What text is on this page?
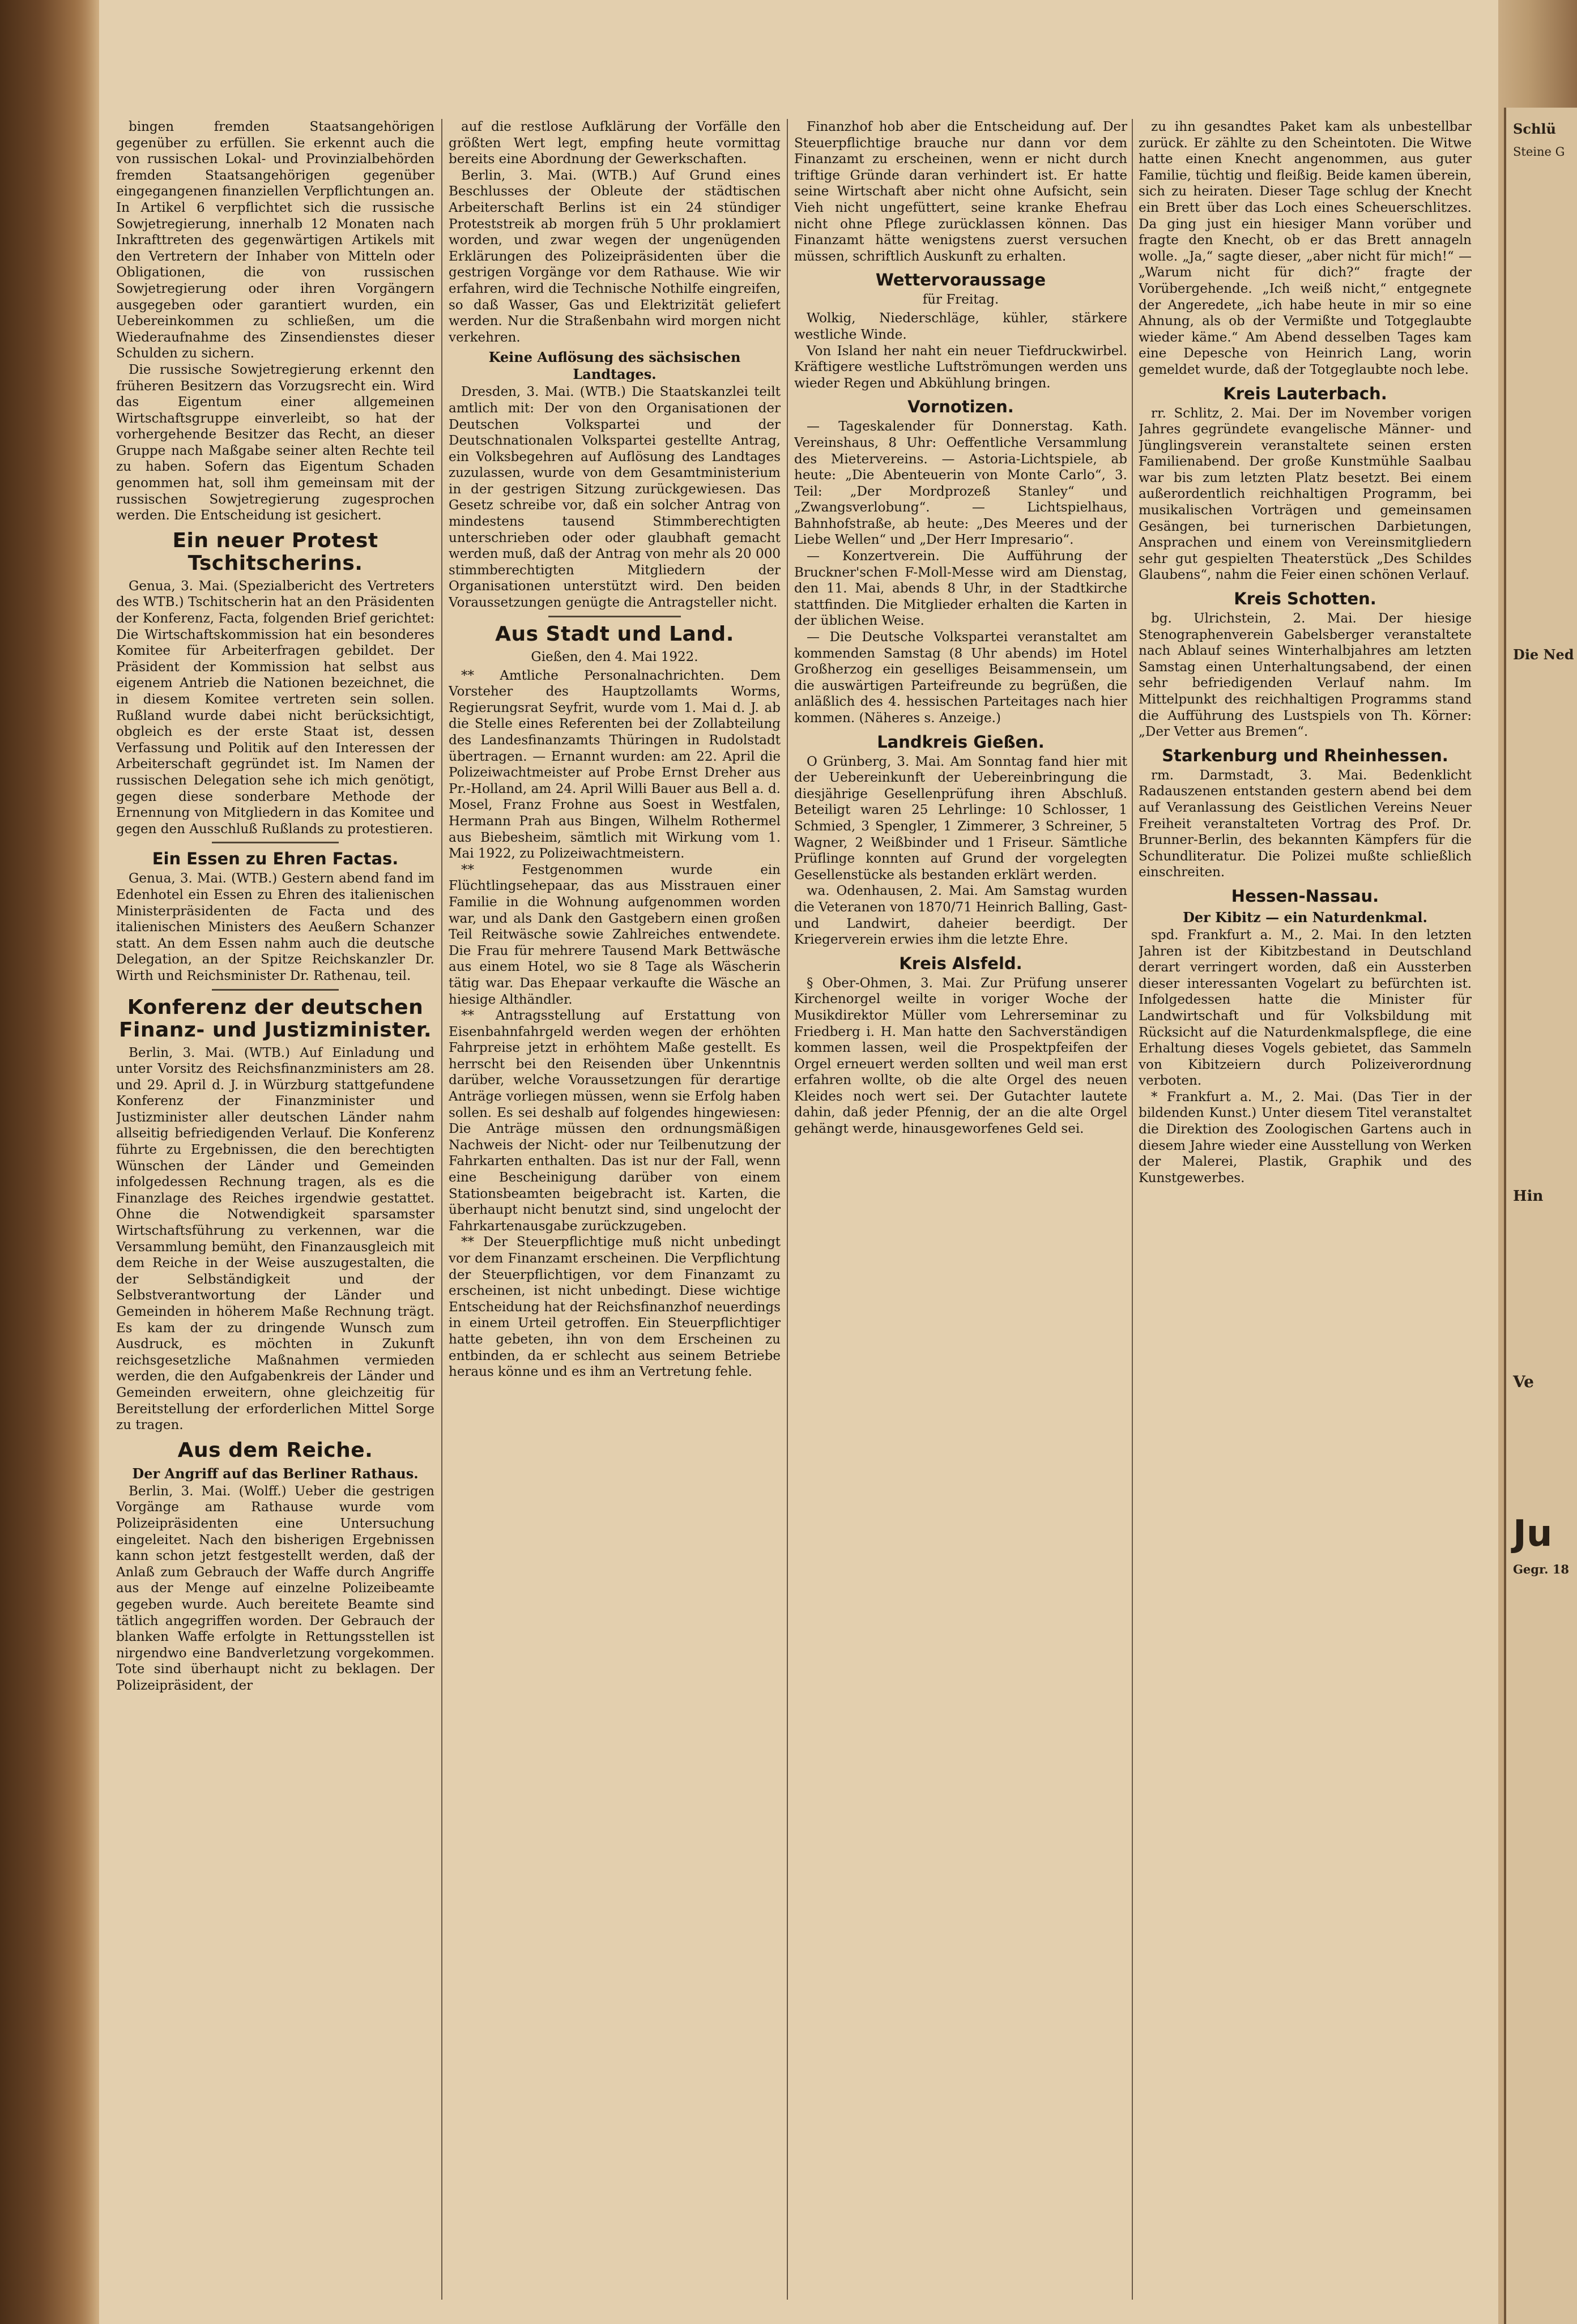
bingen fremden Staatsangehörigen gegenüber zu erfüllen. Sie erkennt auch die von russischen Lokal- und Provinzialbehörden fremden Staatsangehörigen gegenüber eingegangenen finanziellen Verpflichtungen an. In Artikel 6 verpflichtet sich die russische Sowjetregierung, innerhalb 12 Monaten nach Inkrafttreten des gegenwärtigen Artikels mit den Vertretern der Inhaber von Mitteln oder Obligationen, die von russischen Sowjetregierung oder ihren Vorgängern ausgegeben oder garantiert wurden, ein Uebereinkommen zu schließen, um die Wiederaufnahme des Zinsendienstes dieser Schulden zu sichern.

Die russische Sowjetregierung erkennt den früheren Besitzern das Vorzugsrecht ein. Wird das Eigentum einer allgemeinen Wirtschaftsgruppe einverleibt, so hat der vorhergehende Besitzer das Recht, an dieser Gruppe nach Maßgabe seiner alten Rechte teil zu haben. Sofern das Eigentum Schaden genommen hat, soll ihm gemeinsam mit der russischen Sowjetregierung zugesprochen werden. Die Entscheidung ist gesichert.

Ein neuer Protest Tschitscherins.

Genua, 3. Mai. (Spezialbericht des Vertreters des WTB.) Tschitscherin hat an den Präsidenten der Konferenz, Facta, folgenden Brief gerichtet: Die Wirtschaftskommission hat ein besonderes Komitee für Arbeiterfragen gebildet. Der Präsident der Kommission hat selbst aus eigenem Antrieb die Nationen bezeichnet, die in diesem Komitee vertreten sein sollen. Rußland wurde dabei nicht berücksichtigt, obgleich es der erste Staat ist, dessen Verfassung und Politik auf den Interessen der Arbeiterschaft gegründet ist. Im Namen der russischen Delegation sehe ich mich genötigt, gegen diese sonderbare Methode der Ernennung von Mitgliedern in das Komitee und gegen den Ausschluß Rußlands zu protestieren.

Ein Essen zu Ehren Factas.

Genua, 3. Mai. (WTB.) Gestern abend fand im Edenhotel ein Essen zu Ehren des italienischen Ministerpräsidenten de Facta und des italienischen Ministers des Aeußern Schanzer statt. An dem Essen nahm auch die deutsche Delegation, an der Spitze Reichskanzler Dr. Wirth und Reichsminister Dr. Rathenau, teil.

Konferenz der deutschen Finanz- und Justizminister.

Berlin, 3. Mai. (WTB.) Auf Einladung und unter Vorsitz des Reichsfinanzministers am 28. und 29. April d. J. in Würzburg stattgefundene Konferenz der Finanzminister und Justizminister aller deutschen Länder nahm allseitig befriedigenden Verlauf. Die Konferenz führte zu Ergebnissen, die den berechtigten Wünschen der Länder und Gemeinden infolgedessen Rechnung tragen, als es die Finanzlage des Reiches irgendwie gestattet. Ohne die Notwendigkeit sparsamster Wirtschaftsführung zu verkennen, war die Versammlung bemüht, den Finanzausgleich mit dem Reiche in der Weise auszugestalten, die der Selbständigkeit und der Selbstverantwortung der Länder und Gemeinden in höherem Maße Rechnung trägt. Es kam der zu dringende Wunsch zum Ausdruck, es möchten in Zukunft reichsgesetzliche Maßnahmen vermieden werden, die den Aufgabenkreis der Länder und Gemeinden erweitern, ohne gleichzeitig für Bereitstellung der erforderlichen Mittel Sorge zu tragen.

Aus dem Reiche.
Der Angriff auf das Berliner Rathaus.

Berlin, 3. Mai. (Wolff.) Ueber die gestrigen Vorgänge am Rathause wurde vom Polizeipräsidenten eine Untersuchung eingeleitet. Nach den bisherigen Ergebnissen kann schon jetzt festgestellt werden, daß der Anlaß zum Gebrauch der Waffe durch Angriffe aus der Menge auf einzelne Polizeibeamte gegeben wurde. Auch bereitete Beamte sind tätlich angegriffen worden. Der Gebrauch der blanken Waffe erfolgte in Rettungsstellen ist nirgendwo eine Bandverletzung vorgekommen. Tote sind überhaupt nicht zu beklagen. Der Polizeipräsident, der

auf die restlose Aufklärung der Vorfälle den größten Wert legt, empfing heute vormittag bereits eine Abordnung der Gewerkschaften.

Berlin, 3. Mai. (WTB.) Auf Grund eines Beschlusses der Obleute der städtischen Arbeiterschaft Berlins ist ein 24 stündiger Proteststreik ab morgen früh 5 Uhr proklamiert worden, und zwar wegen der ungenügenden Erklärungen des Polizeipräsidenten über die gestrigen Vorgänge vor dem Rathause. Wie wir erfahren, wird die Technische Nothilfe eingreifen, so daß Wasser, Gas und Elektrizität geliefert werden. Nur die Straßenbahn wird morgen nicht verkehren.

Keine Auflösung des sächsischen Landtages.

Dresden, 3. Mai. (WTB.) Die Staatskanzlei teilt amtlich mit: Der von den Organisationen der Deutschen Volkspartei und der Deutschnationalen Volkspartei gestellte Antrag, ein Volksbegehren auf Auflösung des Landtages zuzulassen, wurde von dem Gesamtministerium in der gestrigen Sitzung zurückgewiesen. Das Gesetz schreibe vor, daß ein solcher Antrag von mindestens tausend Stimmberechtigten unterschrieben oder oder glaubhaft gemacht werden muß, daß der Antrag von mehr als 20 000 stimmberechtigten Mitgliedern der Organisationen unterstützt wird. Den beiden Voraussetzungen genügte die Antragsteller nicht.

Aus Stadt und Land.
Gießen, den 4. Mai 1922.

** Amtliche Personalnachrichten. Dem Vorsteher des Hauptzollamts Worms, Regierungsrat Seyfrit, wurde vom 1. Mai d. J. ab die Stelle eines Referenten bei der Zollabteilung des Landesfinanzamts Thüringen in Rudolstadt übertragen. — Ernannt wurden: am 22. April die Polizeiwachtmeister auf Probe Ernst Dreher aus Pr.-Holland, am 24. April Willi Bauer aus Bell a. d. Mosel, Franz Frohne aus Soest in Westfalen, Hermann Prah aus Bingen, Wilhelm Rothermel aus Biebesheim, sämtlich mit Wirkung vom 1. Mai 1922, zu Polizeiwachtmeistern.

** Festgenommen wurde ein Flüchtlingsehepaar, das aus Misstrauen einer Familie in die Wohnung aufgenommen worden war, und als Dank den Gastgebern einen großen Teil Reitwäsche sowie Zahlreiches entwendete. Die Frau für mehrere Tausend Mark Bettwäsche aus einem Hotel, wo sie 8 Tage als Wäscherin tätig war. Das Ehepaar verkaufte die Wäsche an hiesige Althändler.

** Antragsstellung auf Erstattung von Eisenbahnfahrgeld werden wegen der erhöhten Fahrpreise jetzt in erhöhtem Maße gestellt. Es herrscht bei den Reisenden über Unkenntnis darüber, welche Voraussetzungen für derartige Anträge vorliegen müssen, wenn sie Erfolg haben sollen. Es sei deshalb auf folgendes hingewiesen: Die Anträge müssen den ordnungsmäßigen Nachweis der Nicht- oder nur Teilbenutzung der Fahrkarten enthalten. Das ist nur der Fall, wenn eine Bescheinigung darüber von einem Stationsbeamten beigebracht ist. Karten, die überhaupt nicht benutzt sind, sind ungelocht der Fahrkartenausgabe zurückzugeben.

** Der Steuerpflichtige muß nicht unbedingt vor dem Finanzamt erscheinen. Die Verpflichtung der Steuerpflichtigen, vor dem Finanzamt zu erscheinen, ist nicht unbedingt. Diese wichtige Entscheidung hat der Reichsfinanzhof neuerdings in einem Urteil getroffen. Ein Steuerpflichtiger hatte gebeten, ihn von dem Erscheinen zu entbinden, da er schlecht aus seinem Betriebe heraus könne und es ihm an Vertretung fehle.

Finanzhof hob aber die Entscheidung auf. Der Steuerpflichtige brauche nur dann vor dem Finanzamt zu erscheinen, wenn er nicht durch triftige Gründe daran verhindert ist. Er hatte seine Wirtschaft aber nicht ohne Aufsicht, sein Vieh nicht ungefüttert, seine kranke Ehefrau nicht ohne Pflege zurücklassen können. Das Finanzamt hätte wenigstens zuerst versuchen müssen, schriftlich Auskunft zu erhalten.

Wettervoraussage
für Freitag.

Wolkig, Niederschläge, kühler, stärkere westliche Winde.

Von Island her naht ein neuer Tiefdruckwirbel. Kräftigere westliche Luftströmungen werden uns wieder Regen und Abkühlung bringen.

Vornotizen.

— Tageskalender für Donnerstag. Kath. Vereinshaus, 8 Uhr: Oeffentliche Versammlung des Mietervereins. — Astoria-Lichtspiele, ab heute: „Die Abenteuerin von Monte Carlo“, 3. Teil: „Der Mordprozeß Stanley“ und „Zwangsverlobung“. — Lichtspielhaus, Bahnhofstraße, ab heute: „Des Meeres und der Liebe Wellen“ und „Der Herr Impresario“.

— Konzertverein. Die Aufführung der Bruckner'schen F-Moll-Messe wird am Dienstag, den 11. Mai, abends 8 Uhr, in der Stadtkirche stattfinden. Die Mitglieder erhalten die Karten in der üblichen Weise.

— Die Deutsche Volkspartei veranstaltet am kommenden Samstag (8 Uhr abends) im Hotel Großherzog ein geselliges Beisammensein, um die auswärtigen Parteifreunde zu begrüßen, die anläßlich des 4. hessischen Parteitages nach hier kommen. (Näheres s. Anzeige.)

Landkreis Gießen.

O Grünberg, 3. Mai. Am Sonntag fand hier mit der Uebereinkunft der Uebereinbringung die diesjährige Gesellenprüfung ihren Abschluß. Beteiligt waren 25 Lehrlinge: 10 Schlosser, 1 Schmied, 3 Spengler, 1 Zimmerer, 3 Schreiner, 5 Wagner, 2 Weißbinder und 1 Friseur. Sämtliche Prüflinge konnten auf Grund der vorgelegten Gesellenstücke als bestanden erklärt werden.

wa. Odenhausen, 2. Mai. Am Samstag wurden die Veteranen von 1870/71 Heinrich Balling, Gast- und Landwirt, daheier beerdigt. Der Kriegerverein erwies ihm die letzte Ehre.

Kreis Alsfeld.

§ Ober-Ohmen, 3. Mai. Zur Prüfung unserer Kirchenorgel weilte in voriger Woche der Musikdirektor Müller vom Lehrerseminar zu Friedberg i. H. Man hatte den Sachverständigen kommen lassen, weil die Prospektpfeifen der Orgel erneuert werden sollten und weil man erst erfahren wollte, ob die alte Orgel des neuen Kleides noch wert sei. Der Gutachter lautete dahin, daß jeder Pfennig, der an die alte Orgel gehängt werde, hinausgeworfenes Geld sei.

zu ihn gesandtes Paket kam als unbestellbar zurück. Er zählte zu den Scheintoten. Die Witwe hatte einen Knecht angenommen, aus guter Familie, tüchtig und fleißig. Beide kamen überein, sich zu heiraten. Dieser Tage schlug der Knecht ein Brett über das Loch eines Scheuerschlitzes. Da ging just ein hiesiger Mann vorüber und fragte den Knecht, ob er das Brett annageln wolle. „Ja,“ sagte dieser, „aber nicht für mich!“ — „Warum nicht für dich?“ fragte der Vorübergehende. „Ich weiß nicht,“ entgegnete der Angeredete, „ich habe heute in mir so eine Ahnung, als ob der Vermißte und Totgeglaubte wieder käme.“ Am Abend desselben Tages kam eine Depesche von Heinrich Lang, worin gemeldet wurde, daß der Totgeglaubte noch lebe.

Kreis Lauterbach.

rr. Schlitz, 2. Mai. Der im November vorigen Jahres gegründete evangelische Männer- und Jünglingsverein veranstaltete seinen ersten Familienabend. Der große Kunstmühle Saalbau war bis zum letzten Platz besetzt. Bei einem außerordentlich reichhaltigen Programm, bei musikalischen Vorträgen und gemeinsamen Gesängen, bei turnerischen Darbietungen, Ansprachen und einem von Vereinsmitgliedern sehr gut gespielten Theaterstück „Des Schildes Glaubens“, nahm die Feier einen schönen Verlauf.

Kreis Schotten.

bg. Ulrichstein, 2. Mai. Der hiesige Stenographenverein Gabelsberger veranstaltete nach Ablauf seines Winterhalbjahres am letzten Samstag einen Unterhaltungsabend, der einen sehr befriedigenden Verlauf nahm. Im Mittelpunkt des reichhaltigen Programms stand die Aufführung des Lustspiels von Th. Körner: „Der Vetter aus Bremen“.

Starkenburg und Rheinhessen.

rm. Darmstadt, 3. Mai. Bedenklicht Radauszenen entstanden gestern abend bei dem auf Veranlassung des Geistlichen Vereins Neuer Freiheit veranstalteten Vortrag des Prof. Dr. Brunner-Berlin, des bekannten Kämpfers für die Schundliteratur. Die Polizei mußte schließlich einschreiten.

Hessen-Nassau.
Der Kibitz — ein Naturdenkmal.

spd. Frankfurt a. M., 2. Mai. In den letzten Jahren ist der Kibitzbestand in Deutschland derart verringert worden, daß ein Aussterben dieser interessanten Vogelart zu befürchten ist. Infolgedessen hatte die Minister für Landwirtschaft und für Volksbildung mit Rücksicht auf die Naturdenkmalspflege, die eine Erhaltung dieses Vogels gebietet, das Sammeln von Kibitzeiern durch Polizeiverordnung verboten.

* Frankfurt a. M., 2. Mai. (Das Tier in der bildenden Kunst.) Unter diesem Titel veranstaltet die Direktion des Zoologischen Gartens auch in diesem Jahre wieder eine Ausstellung von Werken der Malerei, Plastik, Graphik und des Kunstgewerbes.

Schlü
Steine G
Die Ned
Hin
Ve
Ju
Gegr. 18
